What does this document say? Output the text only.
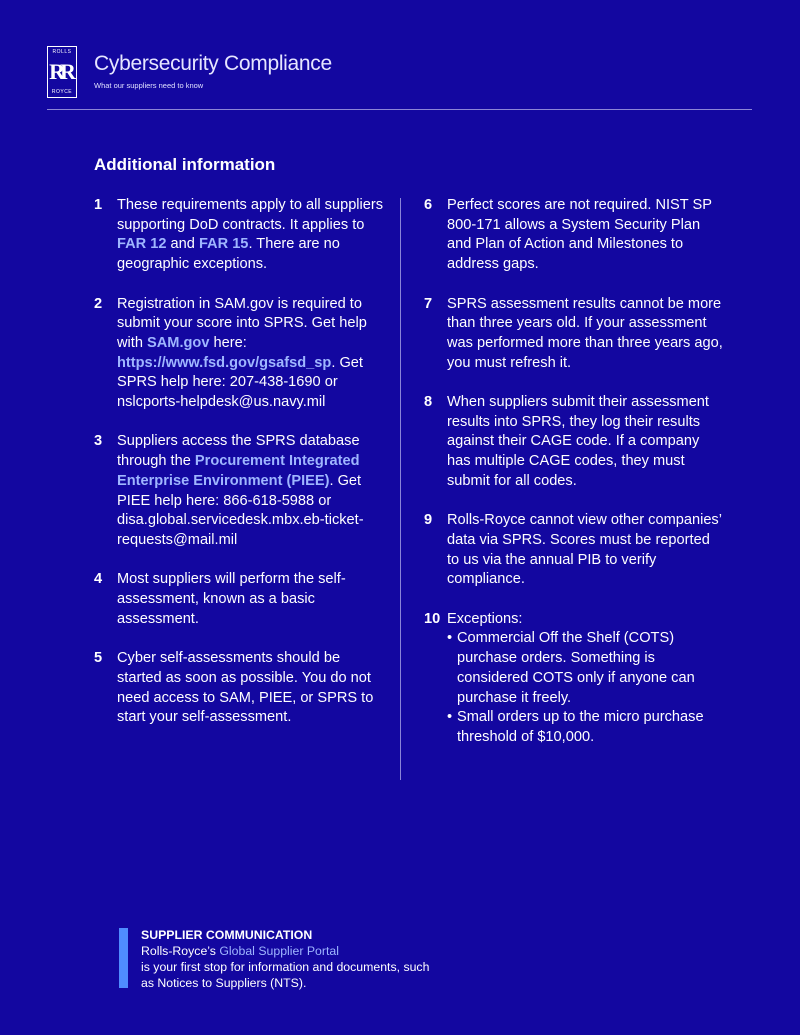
ROLLS
RR
ROYCE
Cybersecurity Compliance
What our suppliers need to know
Additional information
1	These requirements apply to all suppliers supporting DoD contracts. It applies to FAR 12 and FAR 15. There are no geographic exceptions.
2	Registration in SAM.gov is required to submit your score into SPRS. Get help with SAM.gov here: https://www.fsd.gov/gsafsd_sp. Get SPRS help here: 207-438-1690 or nslcports-helpdesk@us.navy.mil
3	Suppliers access the SPRS database through the Procurement Integrated Enterprise Environment (PIEE). Get PIEE help here: 866-618-5988 or disa.global.servicedesk.mbx.eb-ticket-requests@mail.mil
4	Most suppliers will perform the self-assessment, known as a basic assessment.
5	Cyber self-assessments should be started as soon as possible. You do not need access to SAM, PIEE, or SPRS to start your self-assessment.
6	Perfect scores are not required. NIST SP 800-171 allows a System Security Plan and Plan of Action and Milestones to address gaps.
7	SPRS assessment results cannot be more than three years old. If your assessment was performed more than three years ago, you must refresh it.
8	When suppliers submit their assessment results into SPRS, they log their results against their CAGE code. If a company has multiple CAGE codes, they must submit for all codes.
9	Rolls-Royce cannot view other companies’ data via SPRS. Scores must be reported to us via the annual PIB to verify compliance.
10 Exceptions:
• Commercial Off the Shelf (COTS) purchase orders. Something is considered COTS only if anyone can purchase it freely.
• Small orders up to the micro purchase threshold of $10,000.
SUPPLIER COMMUNICATION
Rolls-Royce’s Global Supplier Portal
is your first stop for information and documents, such as Notices to Suppliers (NTS).
